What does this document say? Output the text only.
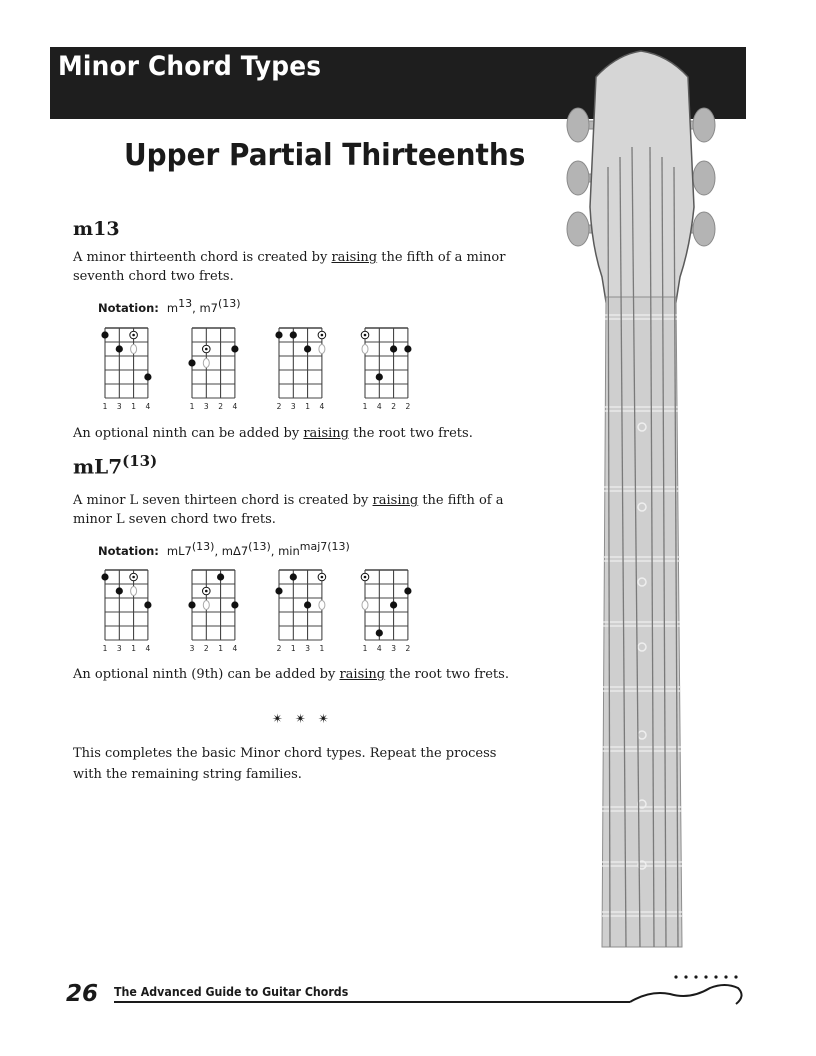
Minor Chord Types
Upper Partial Thirteenths
m13

A minor thirteenth chord is created by raising the fifth of a minor seventh chord two frets.

Notation: $m^{13}$, m7$^{(13)}$
1 3 1 4	1 3 2 4	2 3 1 4	1 4 2 2

An optional ninth can be added by raising the root two frets.

mL7$^{(13)}$

A minor L seven thirteen chord is created by raising the fifth of a minor L seven chord two frets.

Notation: mL7$^{(13)}$, mΔ7$^{(13)}$, $\min^{maj7(13)}$
1 3 1 4	3 2 1 4	2 1 3 1	1 4 3 2

An optional ninth (9th) can be added by raising the root two frets.

✴ ✴ ✴

This completes the basic Minor chord types. Repeat the process with the remaining string families.

26 The Advanced Guide to Guitar Chords
